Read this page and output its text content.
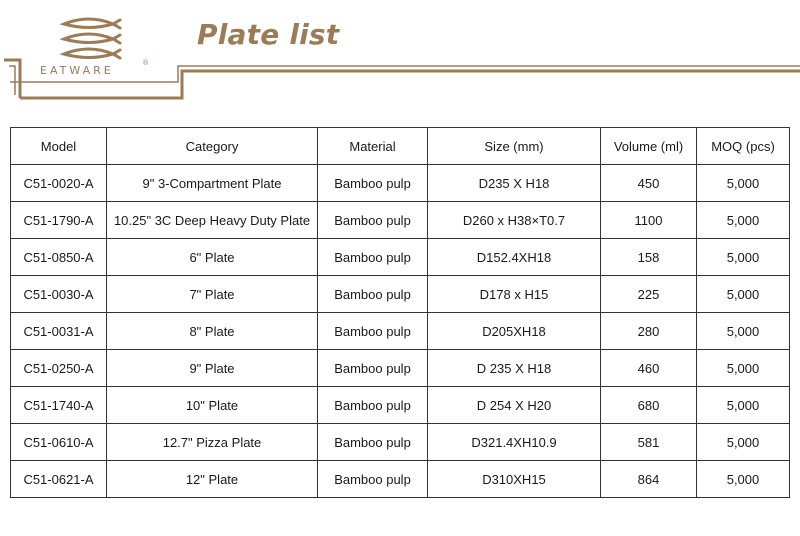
EATWARE
®
Plate list
Model	Category	Material	Size (mm)	Volume (ml)	MOQ (pcs)
C51-0020-A	9" 3-Compartment Plate	Bamboo pulp	D235 X H18	450	5,000
C51-1790-A	10.25" 3C Deep Heavy Duty Plate	Bamboo pulp	D260 x H38×T0.7	1100	5,000
C51-0850-A	6" Plate	Bamboo pulp	D152.4XH18	158	5,000
C51-0030-A	7" Plate	Bamboo pulp	D178 x H15	225	5,000
C51-0031-A	8" Plate	Bamboo pulp	D205XH18	280	5,000
C51-0250-A	9" Plate	Bamboo pulp	D 235 X H18	460	5,000
C51-1740-A	10" Plate	Bamboo pulp	D 254 X H20	680	5,000
C51-0610-A	12.7" Pizza Plate	Bamboo pulp	D321.4XH10.9	581	5,000
C51-0621-A	12" Plate	Bamboo pulp	D310XH15	864	5,000
